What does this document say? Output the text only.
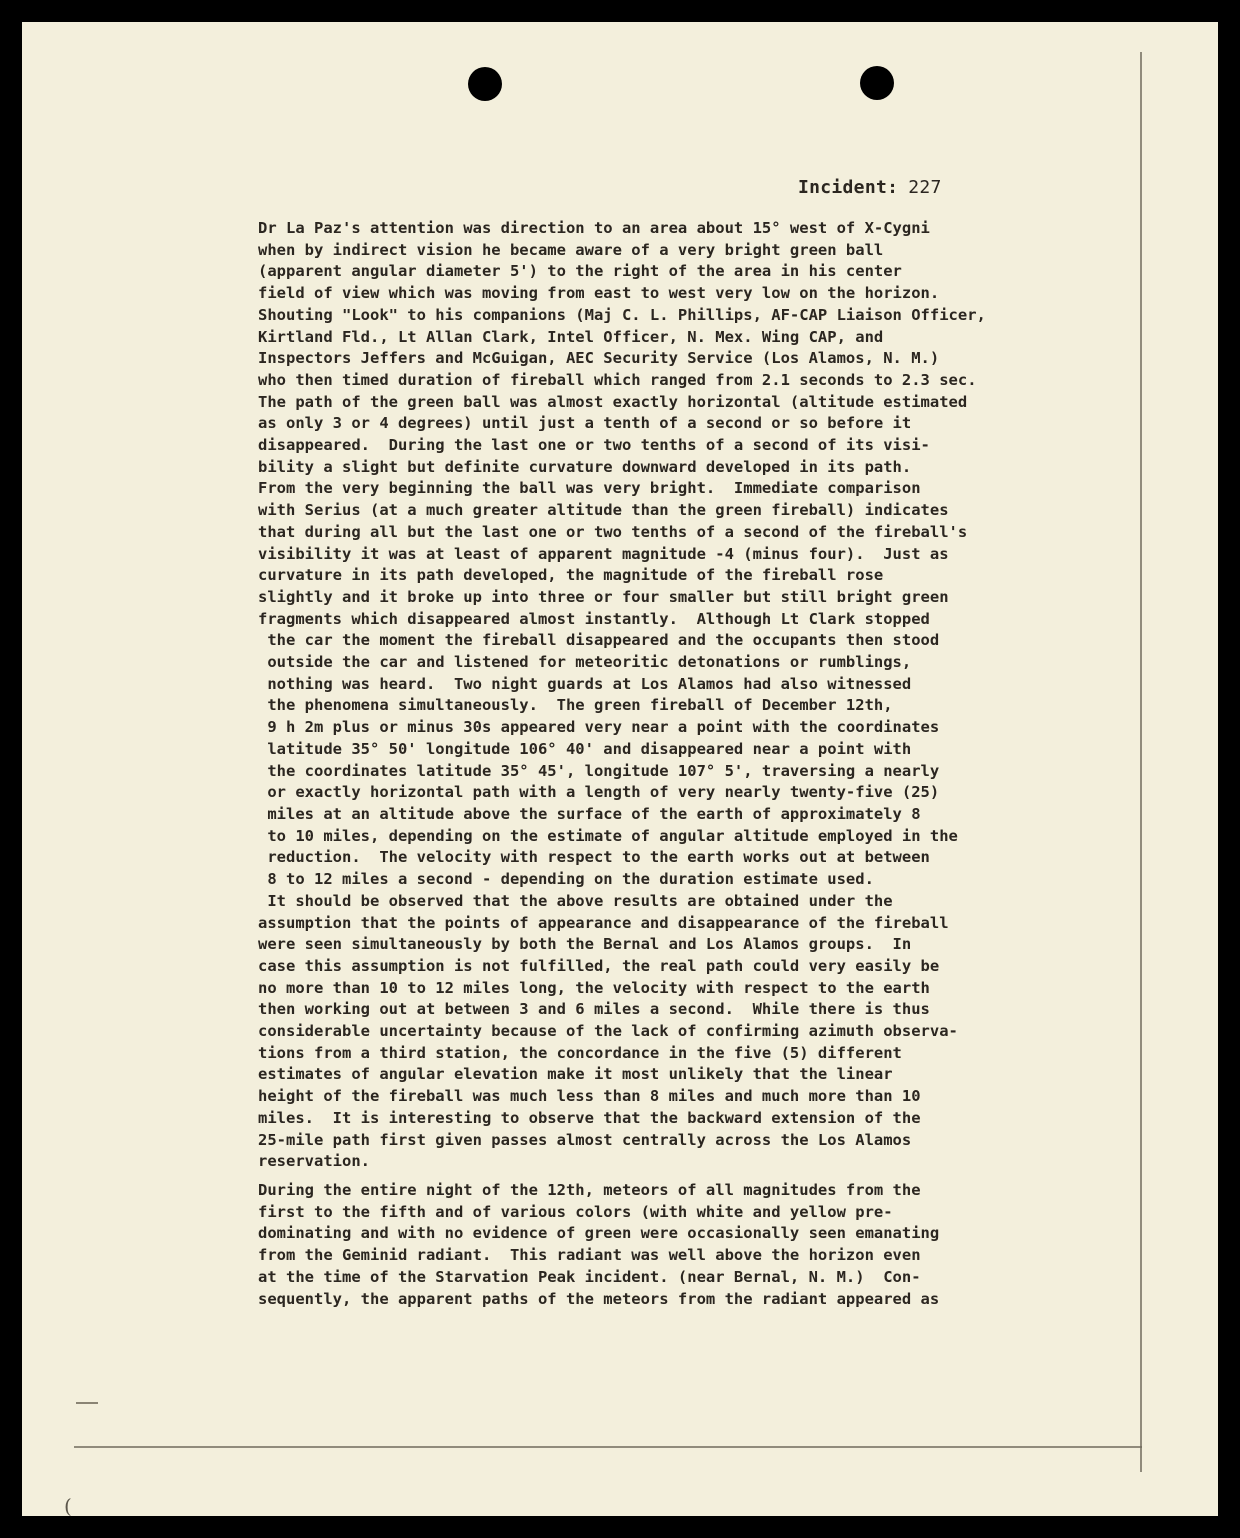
Incident: 227
Dr La Paz's attention was direction to an area about 15° west of X-Cygni
when by indirect vision he became aware of a very bright green ball
(apparent angular diameter 5') to the right of the area in his center
field of view which was moving from east to west very low on the horizon.
Shouting "Look" to his companions (Maj C. L. Phillips, AF-CAP Liaison Officer,
Kirtland Fld., Lt Allan Clark, Intel Officer, N. Mex. Wing CAP, and
Inspectors Jeffers and McGuigan, AEC Security Service (Los Alamos, N. M.)
who then timed duration of fireball which ranged from 2.1 seconds to 2.3 sec.
The path of the green ball was almost exactly horizontal (altitude estimated
as only 3 or 4 degrees) until just a tenth of a second or so before it
disappeared.  During the last one or two tenths of a second of its visi-
bility a slight but definite curvature downward developed in its path.
From the very beginning the ball was very bright.  Immediate comparison
with Serius (at a much greater altitude than the green fireball) indicates
that during all but the last one or two tenths of a second of the fireball's
visibility it was at least of apparent magnitude -4 (minus four).  Just as
curvature in its path developed, the magnitude of the fireball rose
slightly and it broke up into three or four smaller but still bright green
fragments which disappeared almost instantly.  Although Lt Clark stopped
the car the moment the fireball disappeared and the occupants then stood
outside the car and listened for meteoritic detonations or rumblings,
nothing was heard.  Two night guards at Los Alamos had also witnessed
the phenomena simultaneously.  The green fireball of December 12th,
9 h 2m plus or minus 30s appeared very near a point with the coordinates
latitude 35° 50' longitude 106° 40' and disappeared near a point with
the coordinates latitude 35° 45', longitude 107° 5', traversing a nearly
or exactly horizontal path with a length of very nearly twenty-five (25)
miles at an altitude above the surface of the earth of approximately 8
to 10 miles, depending on the estimate of angular altitude employed in the
reduction.  The velocity with respect to the earth works out at between
8 to 12 miles a second - depending on the duration estimate used.
It should be observed that the above results are obtained under the
assumption that the points of appearance and disappearance of the fireball
were seen simultaneously by both the Bernal and Los Alamos groups.  In
case this assumption is not fulfilled, the real path could very easily be
no more than 10 to 12 miles long, the velocity with respect to the earth
then working out at between 3 and 6 miles a second.  While there is thus
considerable uncertainty because of the lack of confirming azimuth observa-
tions from a third station, the concordance in the five (5) different
estimates of angular elevation make it most unlikely that the linear
height of the fireball was much less than 8 miles and much more than 10
miles.  It is interesting to observe that the backward extension of the
25-mile path first given passes almost centrally across the Los Alamos
reservation.
During the entire night of the 12th, meteors of all magnitudes from the
first to the fifth and of various colors (with white and yellow pre-
dominating and with no evidence of green were occasionally seen emanating
from the Geminid radiant.  This radiant was well above the horizon even
at the time of the Starvation Peak incident. (near Bernal, N. M.)  Con-
sequently, the apparent paths of the meteors from the radiant appeared as
(
